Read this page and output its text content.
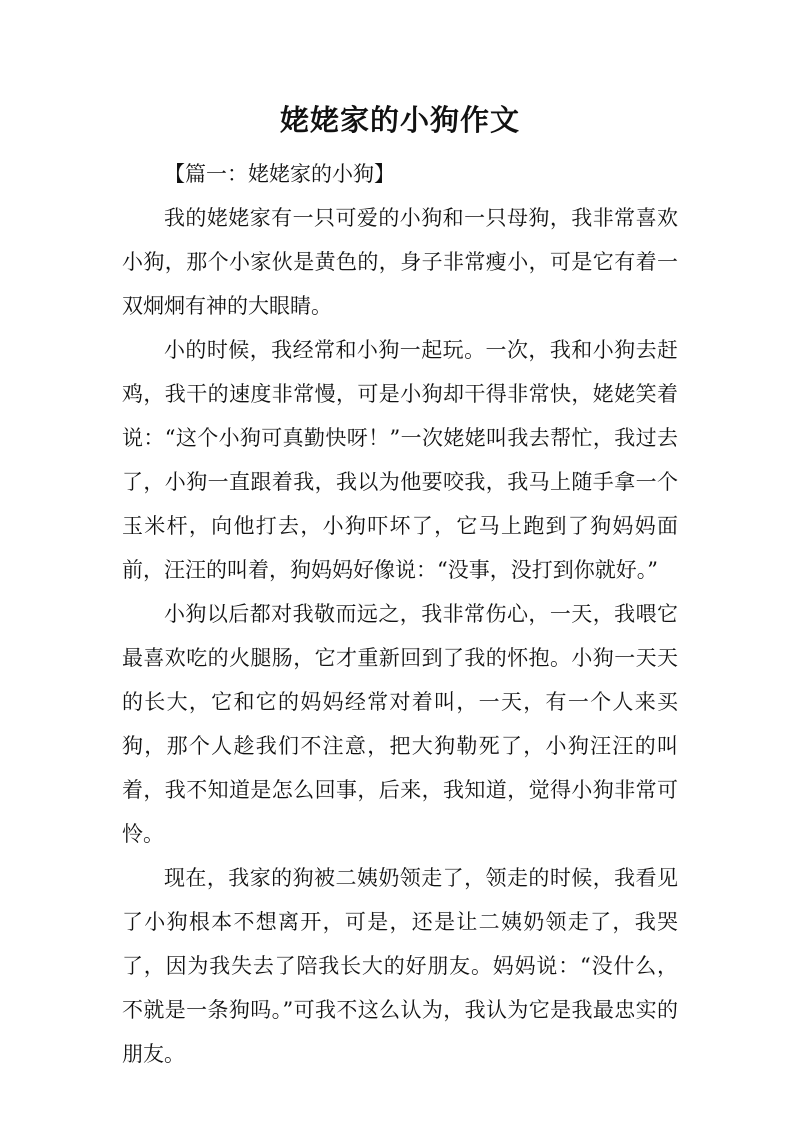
姥姥家的小狗作文

【篇一：姥姥家的小狗】

我的姥姥家有一只可爱的小狗和一只母狗，我非常喜欢小狗，那个小家伙是黄色的，身子非常瘦小，可是它有着一双炯炯有神的大眼睛。

小的时候，我经常和小狗一起玩。一次，我和小狗去赶鸡，我干的速度非常慢，可是小狗却干得非常快，姥姥笑着说：“这个小狗可真勤快呀！”一次姥姥叫我去帮忙，我过去了，小狗一直跟着我，我以为他要咬我，我马上随手拿一个玉米杆，向他打去，小狗吓坏了，它马上跑到了狗妈妈面前，汪汪的叫着，狗妈妈好像说：“没事，没打到你就好。”

小狗以后都对我敬而远之，我非常伤心，一天，我喂它最喜欢吃的火腿肠，它才重新回到了我的怀抱。小狗一天天的长大，它和它的妈妈经常对着叫，一天，有一个人来买狗，那个人趁我们不注意，把大狗勒死了，小狗汪汪的叫着，我不知道是怎么回事，后来，我知道，觉得小狗非常可怜。

现在，我家的狗被二姨奶领走了，领走的时候，我看见了小狗根本不想离开，可是，还是让二姨奶领走了，我哭了，因为我失去了陪我长大的好朋友。妈妈说：“没什么，不就是一条狗吗。”可我不这么认为，我认为它是我最忠实的朋友。
